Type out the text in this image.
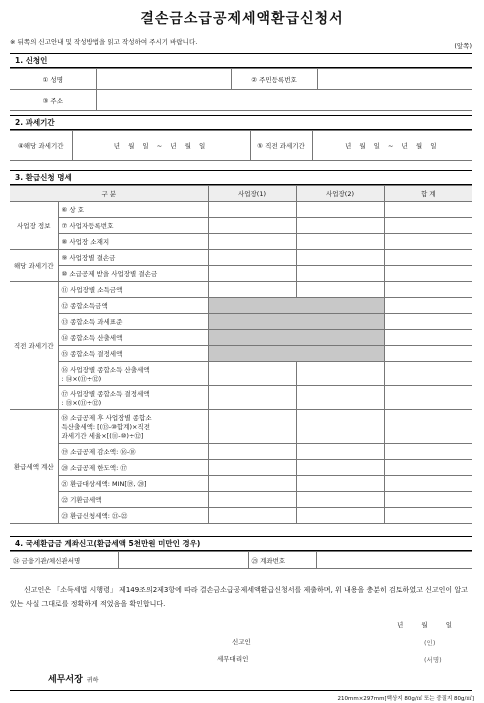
결손금소급공제세액환급신청서
※ 뒤쪽의 신고안내 및 작성방법을 읽고 작성하여 주시기 바랍니다.	(앞쪽)
1. 신청인
① 성명		② 주민등록번호	
③ 주소			
2. 과세기간
④해당 과세기간	년 월 일 ~ 년 월 일	⑤ 직전 과세기간	년 월 일 ~ 년 월 일
3. 환급신청 명세
구 분		사업장(1)	사업장(2)	합 계
사업장 정보	⑥ 상 호			
	⑦ 사업자등록번호			
	⑧ 사업장 소재지			
해당 과세기간	⑨ 사업장별 결손금			
	⑩ 소급공제 받을 사업장별 결손금			
직전 과세기간	⑪ 사업장별 소득금액			
	⑫ 종합소득금액			
	⑬ 종합소득 과세표준			
	⑭ 종합소득 산출세액			
	⑮ 종합소득 결정세액			

	⑯ 사업장별 종합소득 산출세액
: ⑭×(⑪÷⑫)			

	⑰ 사업장별 종합소득 결정세액
: ⑮×(⑪÷⑫)			

환급세액 계산	⑱ 소급공제 후 사업장별 종합소
득산출세액: [(⑬-⑩합계)×직전
과세기간 세율×[(⑪-⑩)÷⑫]			

	⑲ 소급공제 감소액: ⑯-⑱			
	⑳ 소급공제 한도액: ⑰			
	㉑ 환급대상세액: MIN[⑲, ⑳]			
	㉒ 기환급세액			
	㉓ 환급신청세액: ㉑-㉒			
4. 국세환급금 계좌신고(환급세액 5천만원 미만인 경우)
㉔ 금융기관/체신관서명		㉕ 계좌번호	
신고인은 「소득세법 시행령」 제149조의2제3항에 따라 결손금소급공제세액환급신청서를 제출하며, 위 내용을 충분히 검토하였고 신고인이 알고 있는 사실 그대로를 정확하게 적었음을 확인합니다.
년 월 일
신고인	(인)
세무대리인	(서명)
세무서장 귀하
210mm×297mm[백상지 80g/㎡ 또는 중질지 80g/㎡]
